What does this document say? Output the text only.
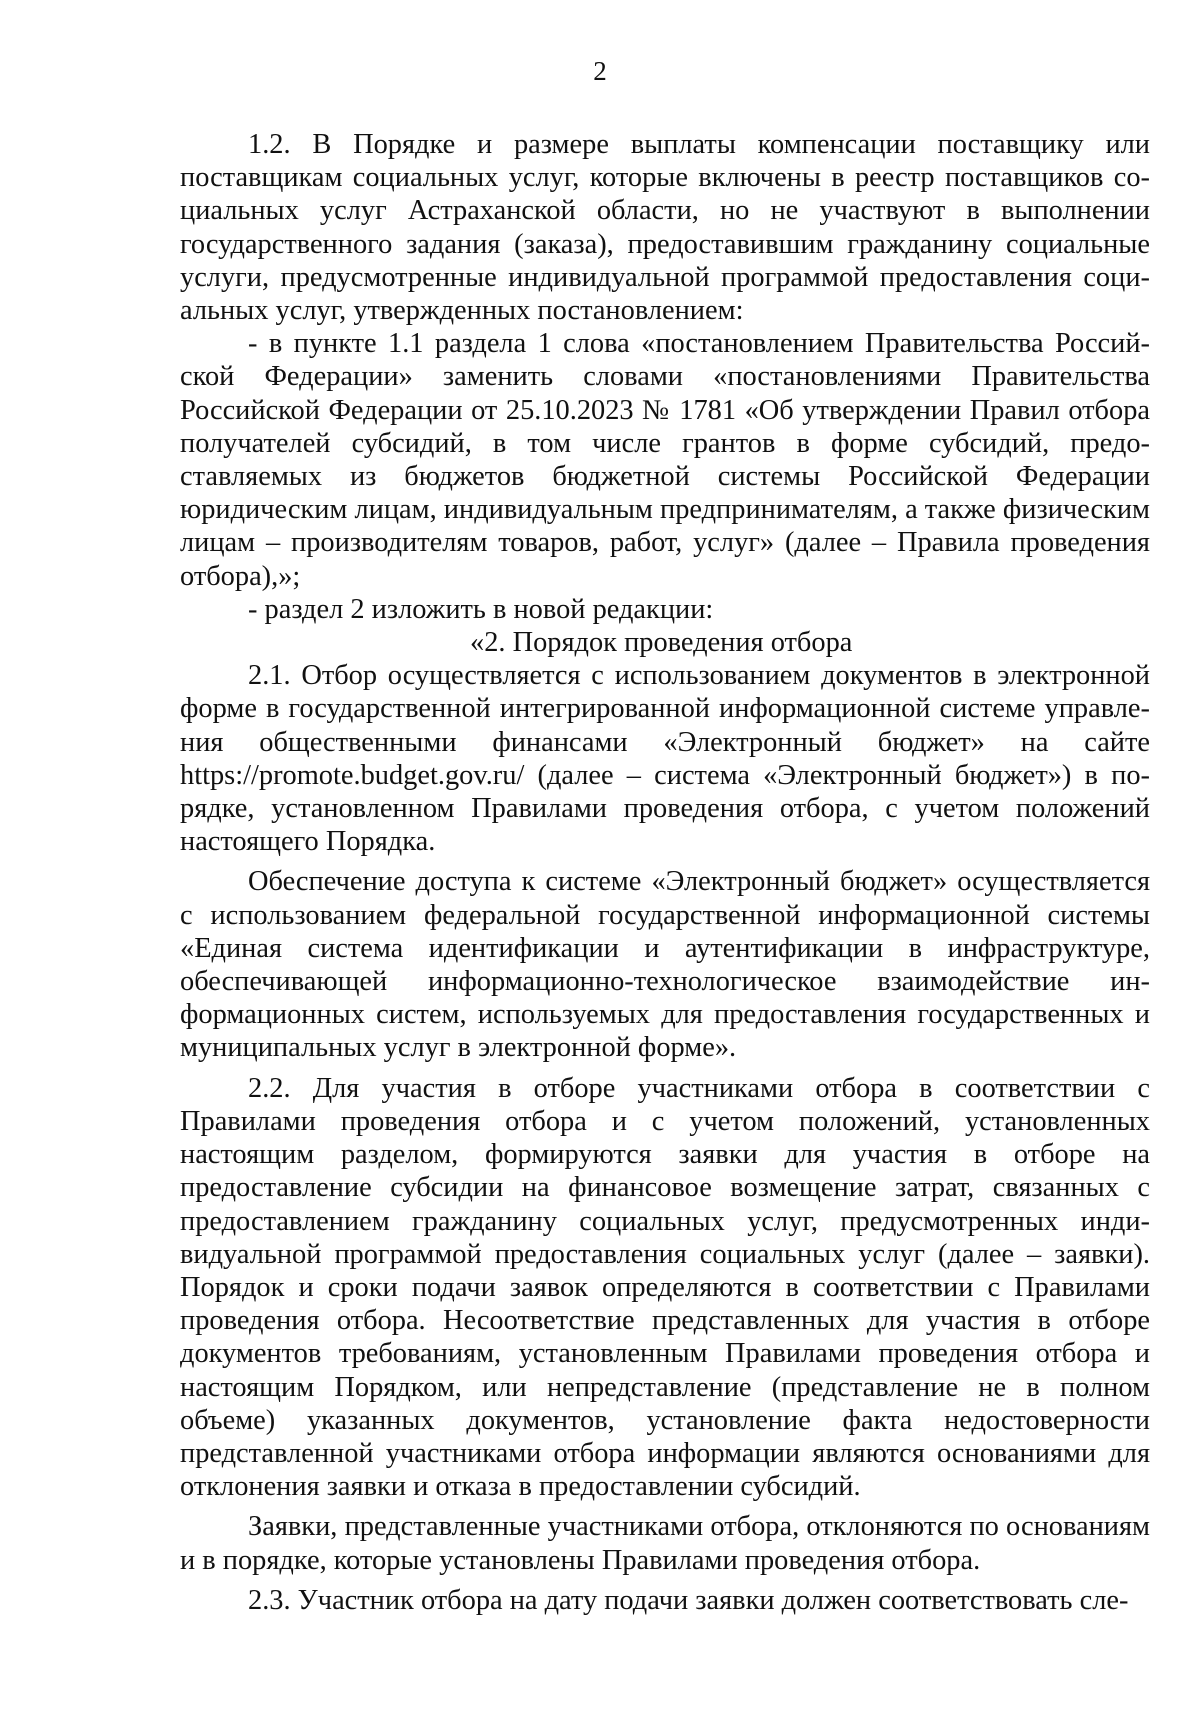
2

1.2. В Порядке и размере выплаты компенсации поставщику или поставщикам социальных услуг, которые включены в реестр поставщиков социальных услуг Астраханской области, но не участвуют в выполнении государственного задания (заказа), предоставившим гражданину социальные услуги, предусмотренные индивидуальной программой предоставления социальных услуг, утвержденных постановлением:

- в пункте 1.1 раздела 1 слова «постановлением Правительства Российской Федерации» заменить словами «постановлениями Правительства Российской Федерации от 25.10.2023 № 1781 «Об утверждении Правил отбора получателей субсидий, в том числе грантов в форме субсидий, предоставляемых из бюджетов бюджетной системы Российской Федерации юридическим лицам, индивидуальным предпринимателям, а также физическим лицам – производителям товаров, работ, услуг» (далее – Правила проведения отбора),»;

- раздел 2 изложить в новой редакции:

«2. Порядок проведения отбора

2.1. Отбор осуществляется с использованием документов в электронной форме в государственной интегрированной информационной системе управления общественными финансами «Электронный бюджет» на сайте https://promote.budget.gov.ru/ (далее – система «Электронный бюджет») в порядке, установленном Правилами проведения отбора, с учетом положений настоящего Порядка.

Обеспечение доступа к системе «Электронный бюджет» осуществляется с использованием федеральной государственной информационной системы «Единая система идентификации и аутентификации в инфраструктуре, обеспечивающей информационно-технологическое взаимодействие информационных систем, используемых для предоставления государственных и муниципальных услуг в электронной форме».

2.2. Для участия в отборе участниками отбора в соответствии с Правилами проведения отбора и с учетом положений, установленных настоящим разделом, формируются заявки для участия в отборе на предоставление субсидии на финансовое возмещение затрат, связанных с предоставлением гражданину социальных услуг, предусмотренных индивидуальной программой предоставления социальных услуг (далее – заявки). Порядок и сроки подачи заявок определяются в соответствии с Правилами проведения отбора. Несоответствие представленных для участия в отборе документов требованиям, установленным Правилами проведения отбора и настоящим Порядком, или непредставление (представление не в полном объеме) указанных документов, установление факта недостоверности представленной участниками отбора информации являются основаниями для отклонения заявки и отказа в предоставлении субсидий.

Заявки, представленные участниками отбора, отклоняются по основаниям и в порядке, которые установлены Правилами проведения отбора.

2.3. Участник отбора на дату подачи заявки должен соответствовать сле-
